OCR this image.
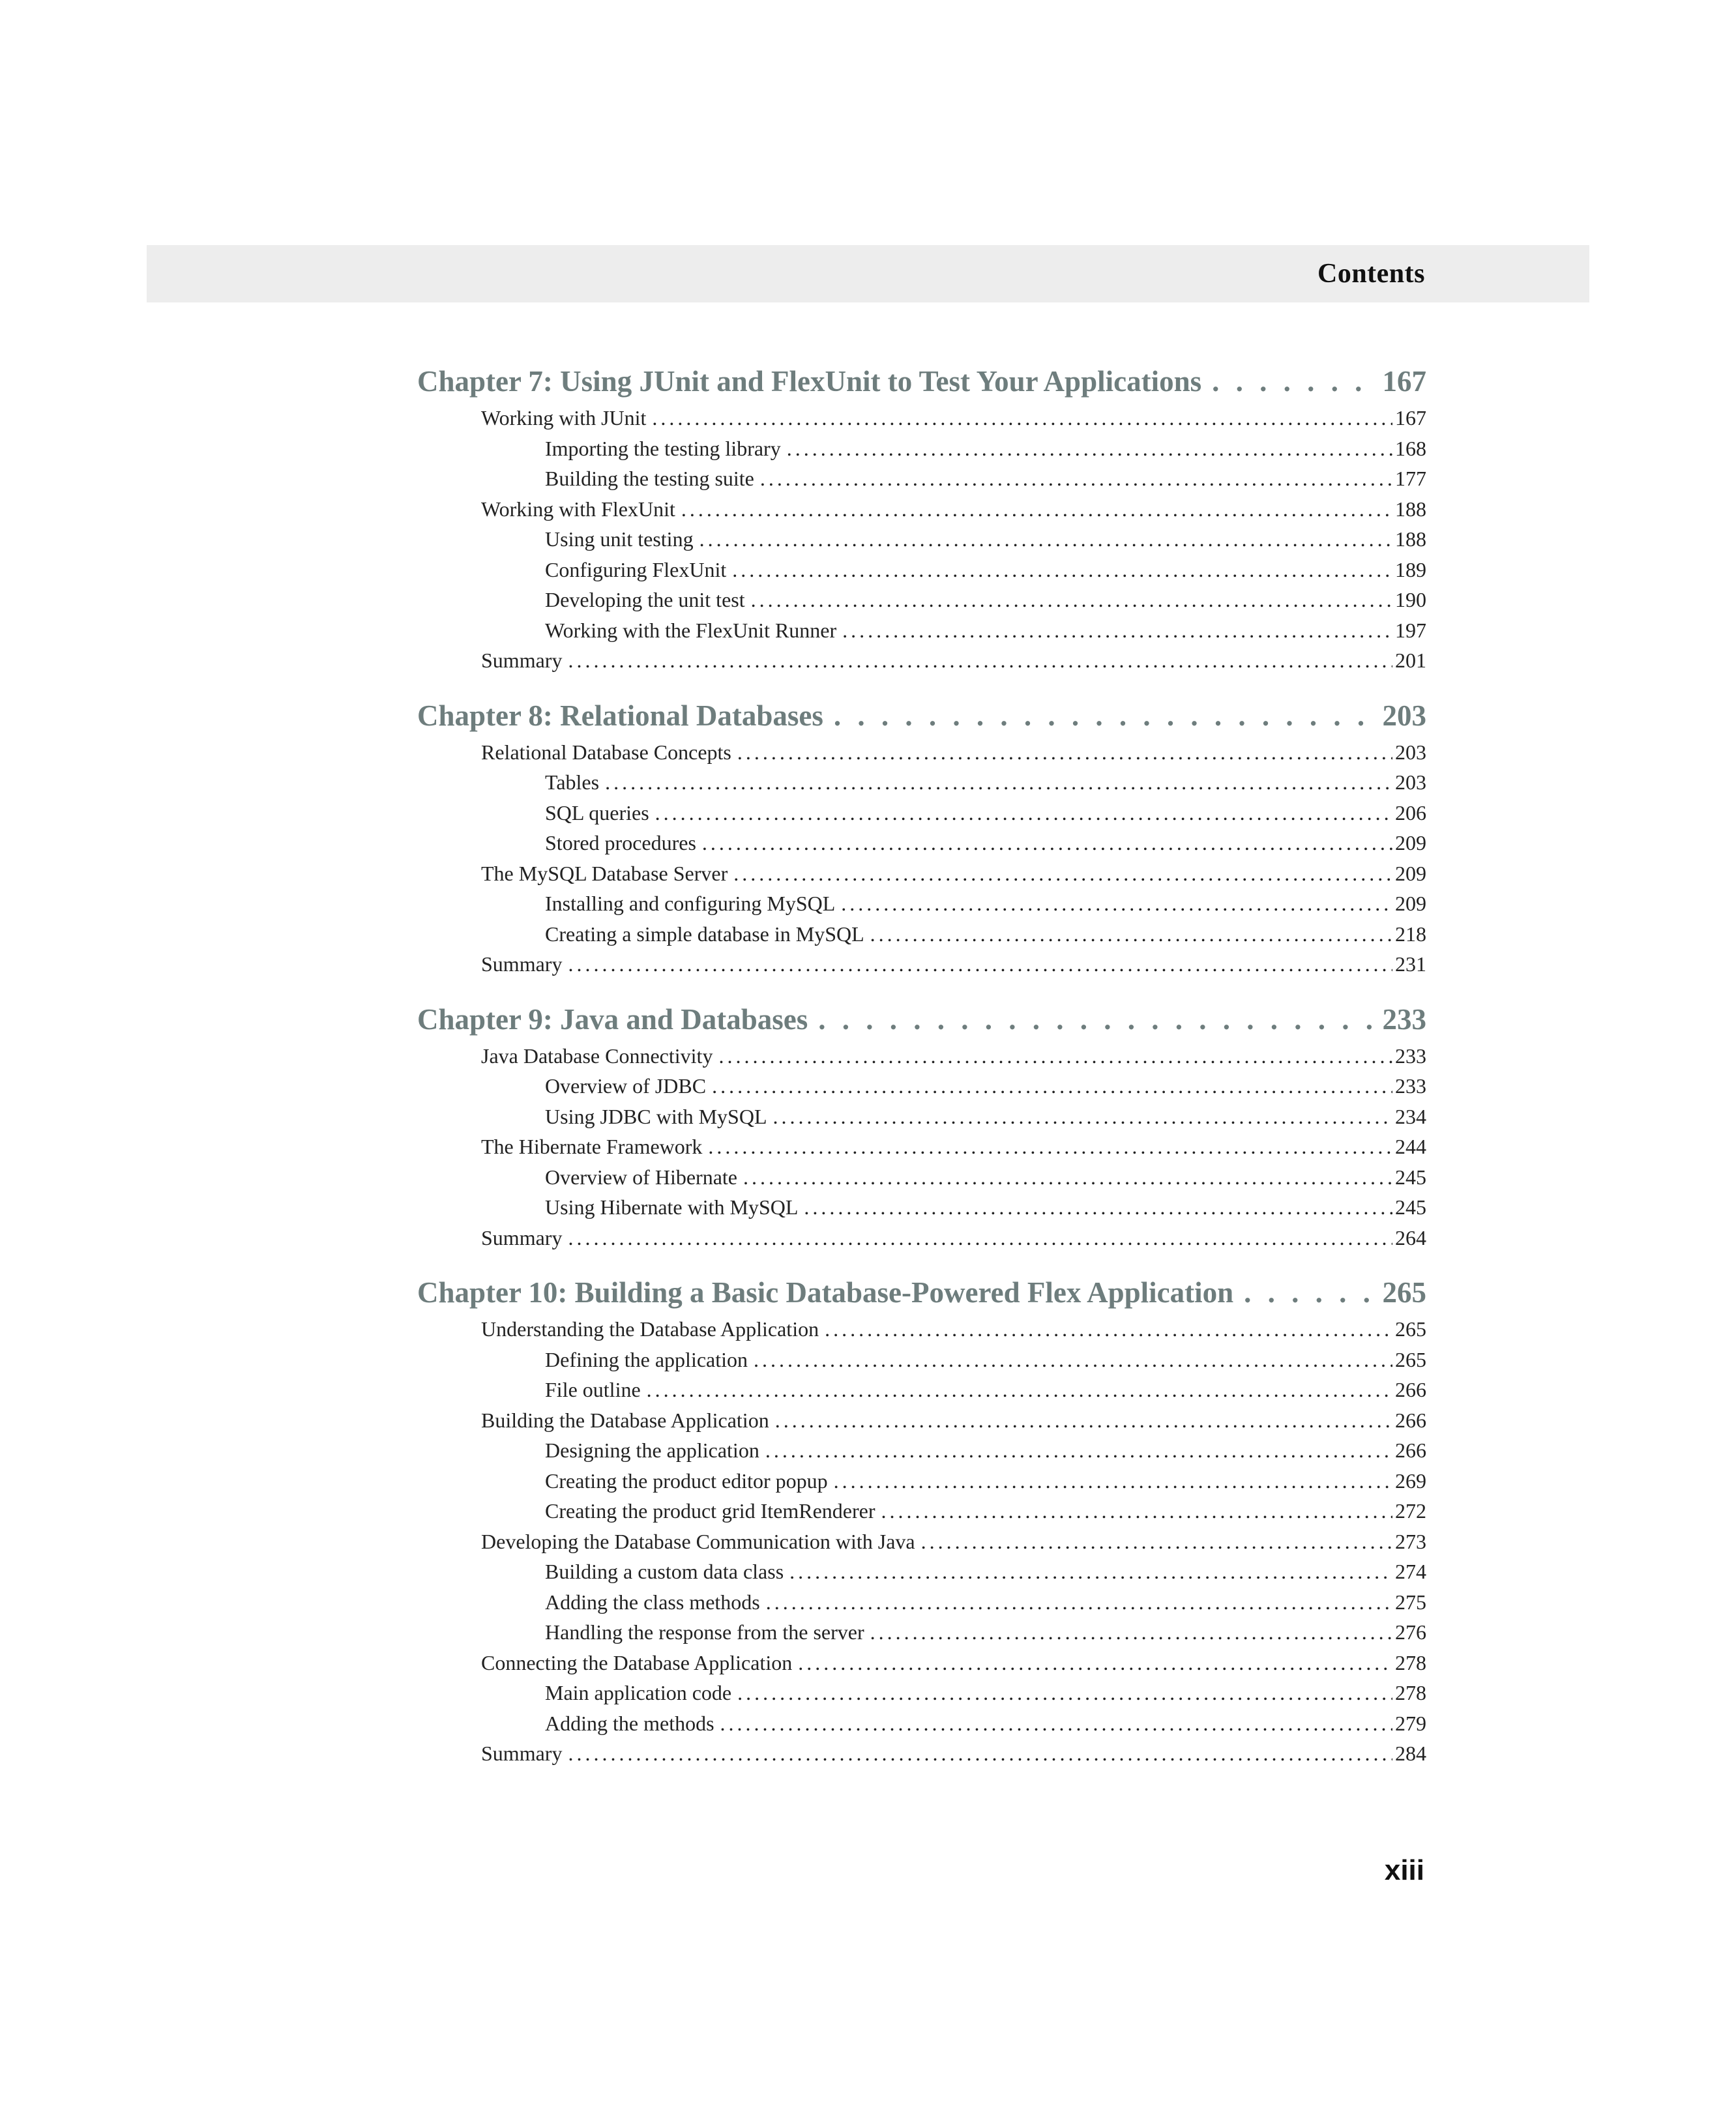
Contents
Chapter 7: Using JUnit and FlexUnit to Test Your Applications . . .	167
Working with JUnit .....	167
Importing the testing library .....	168
Building the testing suite .....	177
Working with FlexUnit .....	188
Using unit testing .....	188
Configuring FlexUnit .....	189
Developing the unit test .....	190
Working with the FlexUnit Runner .....	197
Summary .....	201
Chapter 8: Relational Databases . . .	203
Relational Database Concepts .....	203
Tables .....	203
SQL queries .....	206
Stored procedures .....	209
The MySQL Database Server .....	209
Installing and configuring MySQL .....	209
Creating a simple database in MySQL .....	218
Summary .....	231
Chapter 9: Java and Databases . . .	233
Java Database Connectivity .....	233
Overview of JDBC .....	233
Using JDBC with MySQL .....	234
The Hibernate Framework .....	244
Overview of Hibernate .....	245
Using Hibernate with MySQL .....	245
Summary .....	264
Chapter 10: Building a Basic Database-Powered Flex Application . . .	265
Understanding the Database Application .....	265
Defining the application .....	265
File outline .....	266
Building the Database Application .....	266
Designing the application .....	266
Creating the product editor popup .....	269
Creating the product grid ItemRenderer .....	272
Developing the Database Communication with Java .....	273
Building a custom data class .....	274
Adding the class methods .....	275
Handling the response from the server .....	276
Connecting the Database Application .....	278
Main application code .....	278
Adding the methods .....	279
Summary .....	284
xiii
